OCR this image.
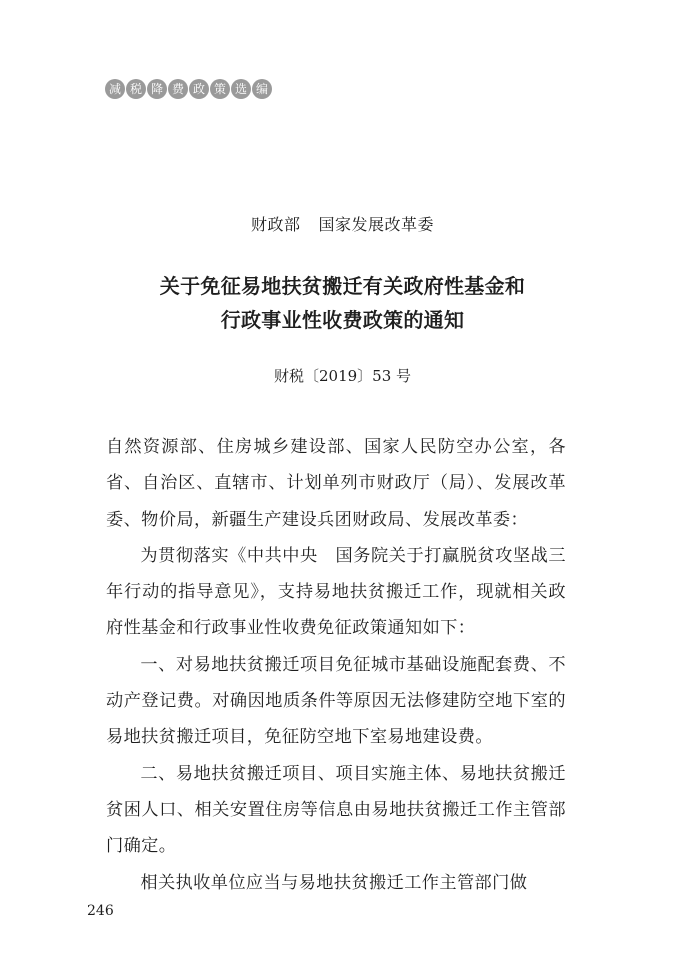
减 税 降 费 政 策 选 编
财政部 国家发展改革委
关于免征易地扶贫搬迁有关政府性基金和
行政事业性收费政策的通知
财税〔2019〕53 号

自然资源部、住房城乡建设部、国家人民防空办公室，各省、自治区、直辖市、计划单列市财政厅（局）、发展改革委、物价局，新疆生产建设兵团财政局、发展改革委：

为贯彻落实《中共中央　国务院关于打赢脱贫攻坚战三年行动的指导意见》，支持易地扶贫搬迁工作，现就相关政府性基金和行政事业性收费免征政策通知如下：

一、对易地扶贫搬迁项目免征城市基础设施配套费、不动产登记费。对确因地质条件等原因无法修建防空地下室的易地扶贫搬迁项目，免征防空地下室易地建设费。

二、易地扶贫搬迁项目、项目实施主体、易地扶贫搬迁贫困人口、相关安置住房等信息由易地扶贫搬迁工作主管部门确定。

相关执收单位应当与易地扶贫搬迁工作主管部门做

246
